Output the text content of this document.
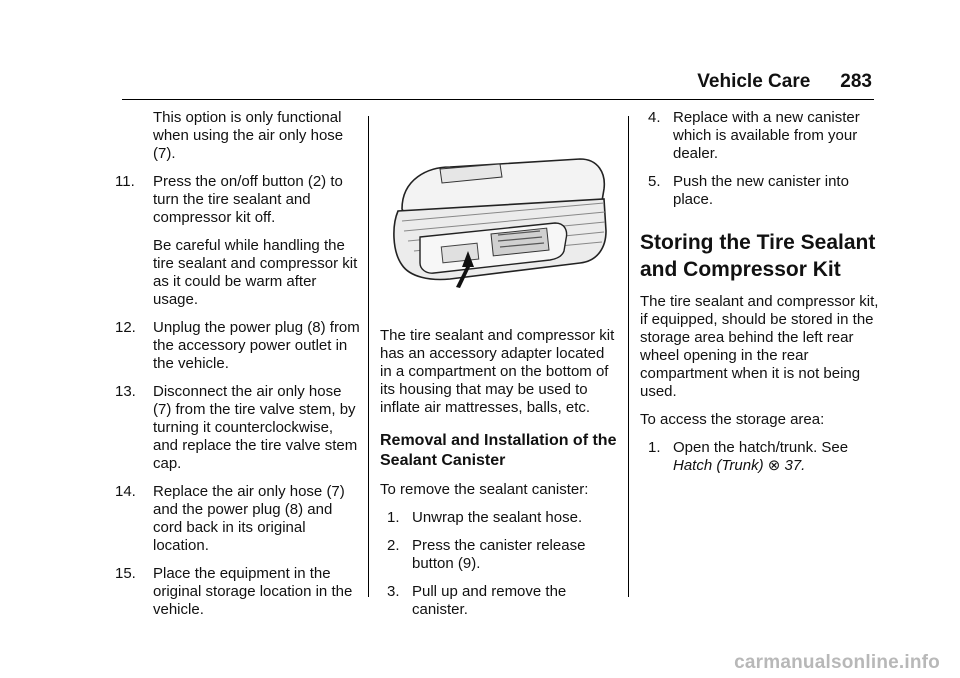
Vehicle Care 283
This option is only functional when using the air only hose (7).
11. Press the on/off button (2) to turn the tire sealant and compressor kit off.
Be careful while handling the tire sealant and compressor kit as it could be warm after usage.
12. Unplug the power plug (8) from the accessory power outlet in the vehicle.
13. Disconnect the air only hose (7) from the tire valve stem, by turning it counterclockwise, and replace the tire valve stem cap.
14. Replace the air only hose (7) and the power plug (8) and cord back in its original location.
15. Place the equipment in the original storage location in the vehicle.

The tire sealant and compressor kit has an accessory adapter located in a compartment on the bottom of its housing that may be used to inflate air mattresses, balls, etc.

Removal and Installation of the Sealant Canister

To remove the sealant canister:

1. Unwrap the sealant hose.
2. Press the canister release button (9).
3. Pull up and remove the canister.
4. Replace with a new canister which is available from your dealer.
5. Push the new canister into place.
Storing the Tire Sealant and Compressor Kit

The tire sealant and compressor kit, if equipped, should be stored in the storage area behind the left rear wheel opening in the rear compartment when it is not being used.

To access the storage area:

1. Open the hatch/trunk. See
Hatch (Trunk) ⊗ 37.
carmanualsonline.info
